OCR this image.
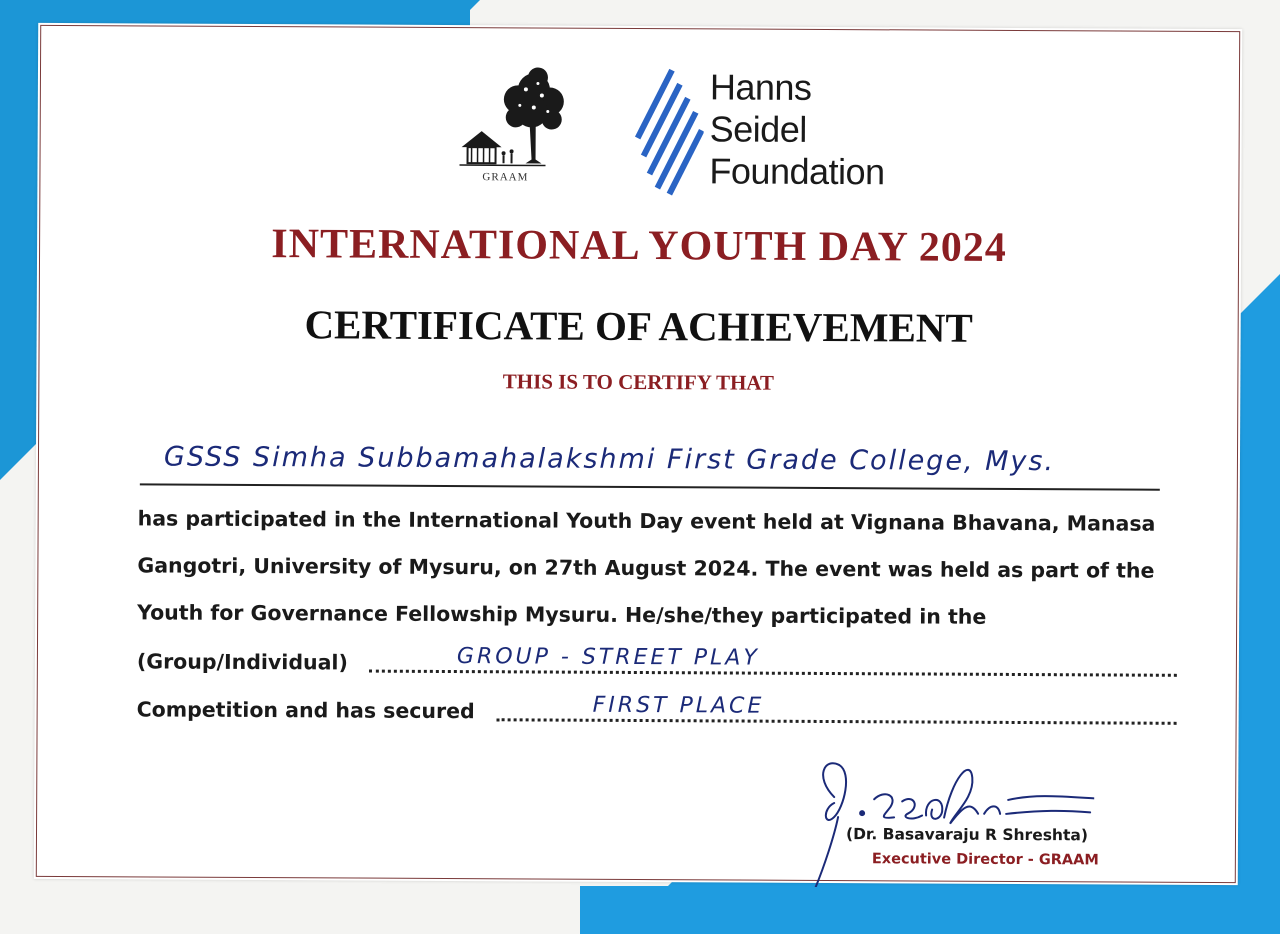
GRAAM
Hanns
Seidel
Foundation
INTERNATIONAL YOUTH DAY 2024
CERTIFICATE OF ACHIEVEMENT
THIS IS TO CERTIFY THAT
GSSS Simha Subbamahalakshmi First Grade College, Mys.
has participated in the International Youth Day event held at Vignana Bhavana, Manasa Gangotri, University of Mysuru, on 27th August 2024. The event was held as part of the Youth for Governance Fellowship Mysuru. He/she/they participated in the
(Group/Individual)	GROUP - STREET PLAY
Competition and has secured	FIRST PLACE
(Dr. Basavaraju R Shreshta)
Executive Director - GRAAM
